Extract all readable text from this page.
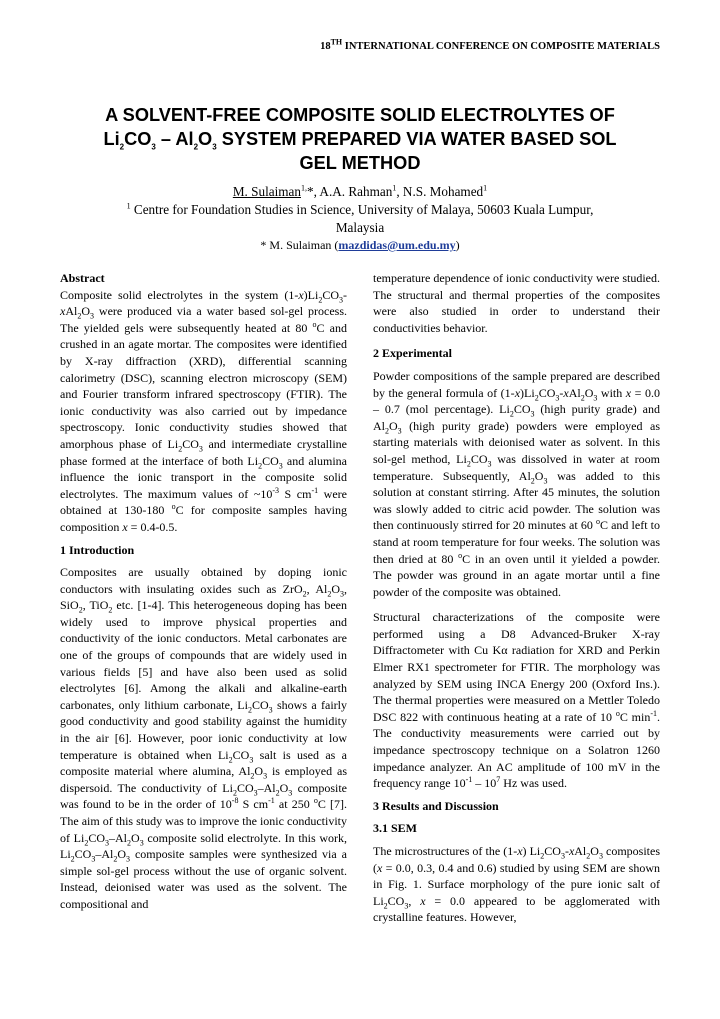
18TH INTERNATIONAL CONFERENCE ON COMPOSITE MATERIALS
A SOLVENT-FREE COMPOSITE SOLID ELECTROLYTES OF
$Li_2CO_3 - Al_2O_3$ SYSTEM PREPARED VIA WATER BASED SOL
GEL METHOD
M. Sulaiman$^{1,}$*, A.A. Rahman$^1$, N.S. Mohamed$^1$
$^1$ Centre for Foundation Studies in Science, University of Malaya, 50603 Kuala Lumpur,
Malaysia
* M. Sulaiman (mazdidas@um.edu.my)
Abstract

Composite solid electrolytes in the system $(1-x)Li_2CO_3-xAl_2O_3$ were produced via a water based sol-gel process. The yielded gels were subsequently heated at 80 $^o$C and crushed in an agate mortar. The composites were identified by X-ray diffraction (XRD), differential scanning calorimetry (DSC), scanning electron microscopy (SEM) and Fourier transform infrared spectroscopy (FTIR). The ionic conductivity was also carried out by impedance spectroscopy. Ionic conductivity studies showed that amorphous phase of $Li_2CO_3$ and intermediate crystalline phase formed at the interface of both $Li_2CO_3$ and alumina influence the ionic transport in the composite solid electrolytes. The maximum values of $\sim 10^{-3}$ S $cm^{-1}$ were obtained at 130-180 $^o$C for composite samples having composition x = 0.4-0.5.

1 Introduction

Composites are usually obtained by doping ionic conductors with insulating oxides such as ZrO$_2$, $Al_2O_3$, SiO$_2$, TiO$_2$ etc. [1-4]. This heterogeneous doping has been widely used to improve physical properties and conductivity of the ionic conductors. Metal carbonates are one of the groups of compounds that are widely used in various fields [5] and have also been used as solid electrolytes [6]. Among the alkali and alkaline-earth carbonates, only lithium carbonate, $Li_2CO_3$ shows a fairly good conductivity and good stability against the humidity in the air [6]. However, poor ionic conductivity at low temperature is obtained when $Li_2CO_3$ salt is used as a composite material where alumina, $Al_2O_3$ is employed as dispersoid. The conductivity of $Li_2CO_3-Al_2O_3$ composite was found to be in the order of $10^{-8}$ S $cm^{-1}$ at 250 $^o$C [7]. The aim of this study was to improve the ionic conductivity of $Li_2CO_3-Al_2O_3$ composite solid electrolyte. In this work, $Li_2CO_3-Al_2O_3$ composite samples were synthesized via a simple sol-gel process without the use of organic solvent. Instead, deionised water was used as the solvent. The compositional and

temperature dependence of ionic conductivity were studied. The structural and thermal properties of the composites were also studied in order to understand their conductivities behavior.

2 Experimental

Powder compositions of the sample prepared are described by the general formula of $(1-x)Li_2CO_3-xAl_2O_3$ with x = 0.0 – 0.7 (mol percentage). $Li_2CO_3$ (high purity grade) and $Al_2O_3$ (high purity grade) powders were employed as starting materials with deionised water as solvent. In this sol-gel method, $Li_2CO_3$ was dissolved in water at room temperature. Subsequently, $Al_2O_3$ was added to this solution at constant stirring. After 45 minutes, the solution was slowly added to citric acid powder. The solution was then continuously stirred for 20 minutes at 60 $^o$C and left to stand at room temperature for four weeks. The solution was then dried at 80 $^o$C in an oven until it yielded a powder. The powder was ground in an agate mortar until a fine powder of the composite was obtained.

Structural characterizations of the composite were performed using a D8 Advanced-Bruker X-ray Diffractometer with Cu Kα radiation for XRD and Perkin Elmer RX1 spectrometer for FTIR. The morphology was analyzed by SEM using INCA Energy 200 (Oxford Ins.). The thermal properties were measured on a Mettler Toledo DSC 822 with continuous heating at a rate of 10 $^o$C $\min^{-1}$. The conductivity measurements were carried out by impedance spectroscopy technique on a Solatron 1260 impedance analyzer. An AC amplitude of 100 mV in the frequency range $10^{-1} - 10^7$ Hz was used.

3 Results and Discussion
3.1 SEM

The microstructures of the (1-x) $Li_2CO_3-xAl_2O_3$ composites (x = 0.0, 0.3, 0.4 and 0.6) studied by using SEM are shown in Fig. 1. Surface morphology of the pure ionic salt of $Li_2CO_3$, x = 0.0 appeared to be agglomerated with crystalline features. However,
